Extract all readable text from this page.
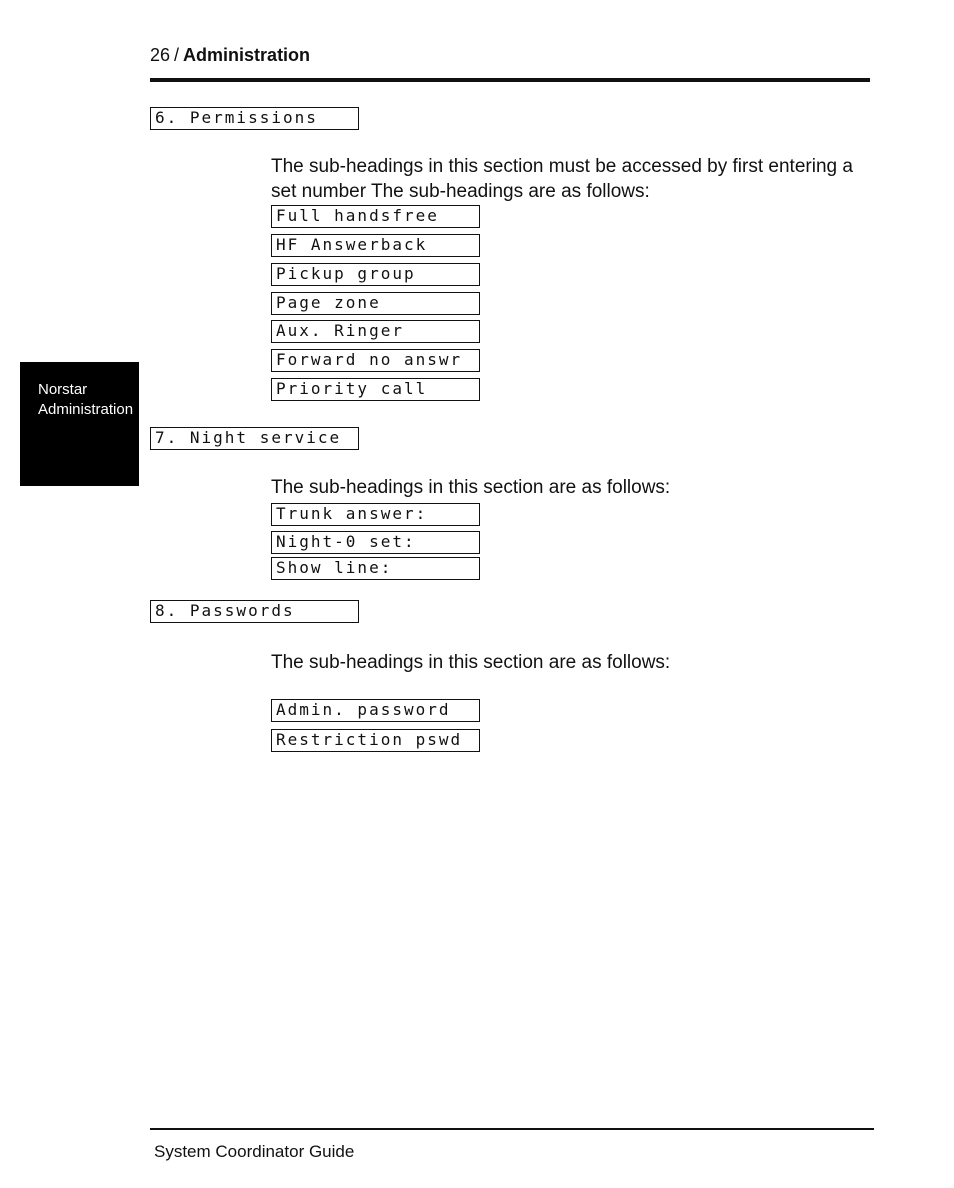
26 / Administration
Norstar
Administration
6. Permissions
The sub-headings in this section must be accessed by first entering a set number The sub-headings are as follows:
Full handsfree
HF Answerback
Pickup group
Page zone
Aux. Ringer
Forward no answr
Priority call
7. Night service
The sub-headings in this section are as follows:
Trunk answer:
Night-0 set:
Show line:
8. Passwords
The sub-headings in this section are as follows:
Admin. password
Restriction pswd
System Coordinator Guide
